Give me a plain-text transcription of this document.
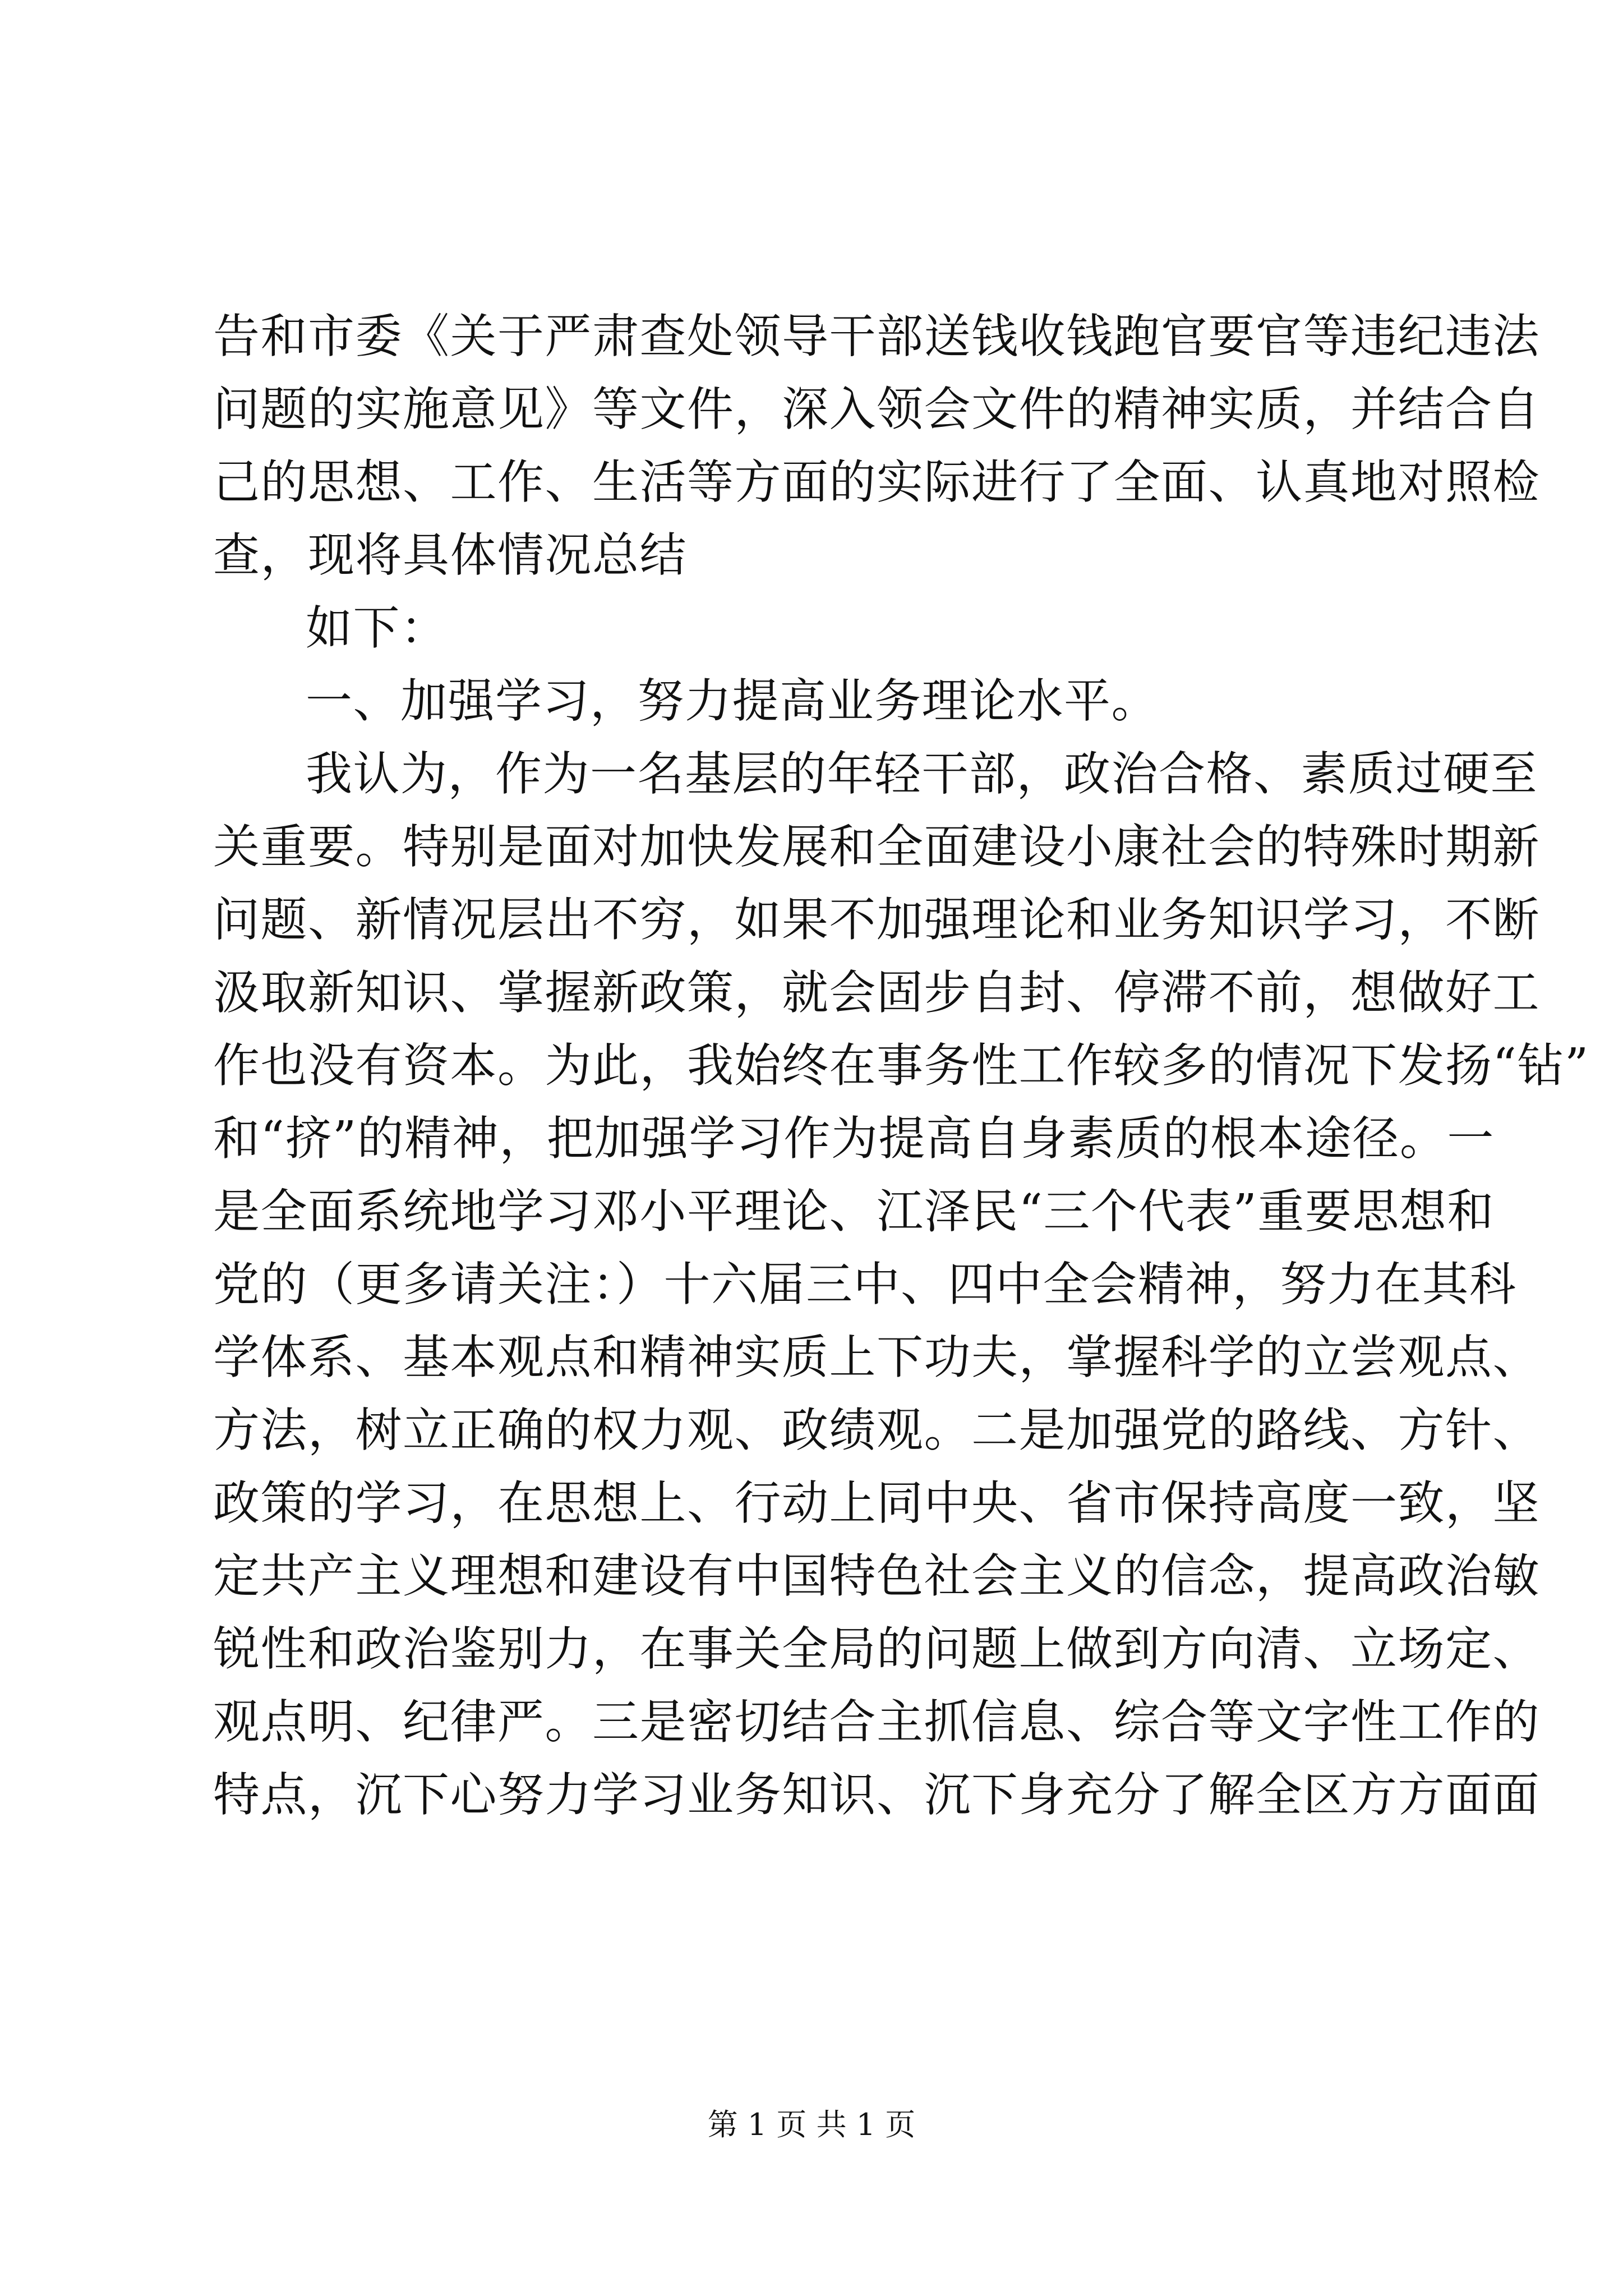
告和市委《关于严肃查处领导干部送钱收钱跑官要官等违纪违法
问题的实施意见》等文件，深入领会文件的精神实质，并结合自
己的思想、工作、生活等方面的实际进行了全面、认真地对照检
查，现将具体情况总结
如下：
一、加强学习，努力提高业务理论水平。
我认为，作为一名基层的年轻干部，政治合格、素质过硬至
关重要。特别是面对加快发展和全面建设小康社会的特殊时期新
问题、新情况层出不穷，如果不加强理论和业务知识学习，不断
汲取新知识、掌握新政策，就会固步自封、停滞不前，想做好工
作也没有资本。为此，我始终在事务性工作较多的情况下发扬“钻”
和“挤”的精神，把加强学习作为提高自身素质的根本途径。一
是全面系统地学习邓小平理论、江泽民“三个代表”重要思想和
党的（更多请关注：）十六届三中、四中全会精神，努力在其科
学体系、基本观点和精神实质上下功夫，掌握科学的立尝观点、
方法，树立正确的权力观、政绩观。二是加强党的路线、方针、
政策的学习，在思想上、行动上同中央、省市保持高度一致，坚
定共产主义理想和建设有中国特色社会主义的信念，提高政治敏
锐性和政治鉴别力，在事关全局的问题上做到方向清、立场定、
观点明、纪律严。三是密切结合主抓信息、综合等文字性工作的
特点，沉下心努力学习业务知识、沉下身充分了解全区方方面面
第 1 页 共 1 页
